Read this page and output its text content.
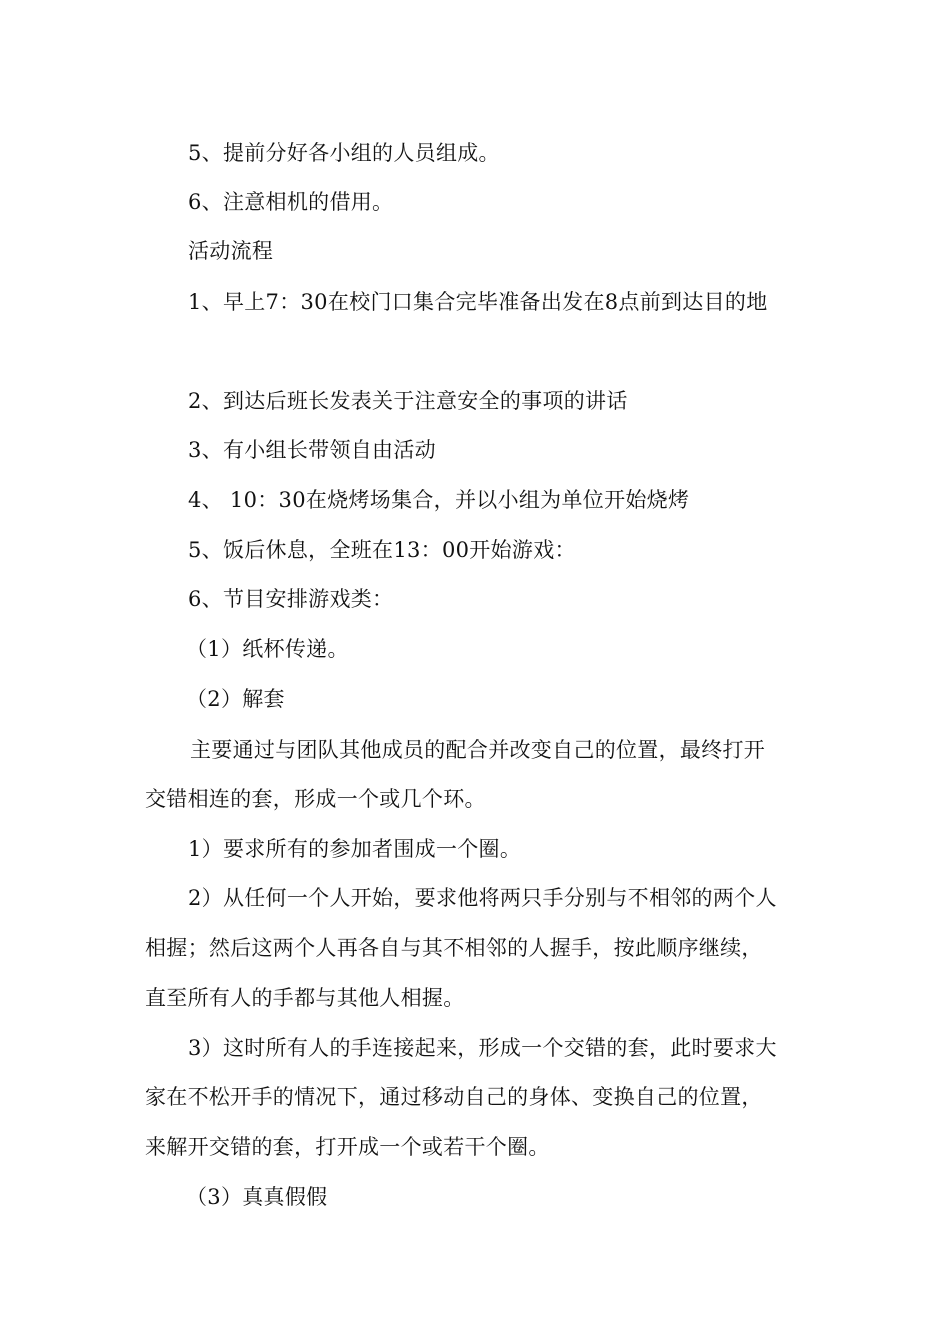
5、提前分好各小组的人员组成。
6、注意相机的借用。
活动流程
1、早上7：30在校门口集合完毕准备出发在8点前到达目的地
2、到达后班长发表关于注意安全的事项的讲话
3、有小组长带领自由活动
4、 10：30在烧烤场集合，并以小组为单位开始烧烤
5、饭后休息，全班在13：00开始游戏：
6、节目安排游戏类：
（1）纸杯传递。
（2）解套
主要通过与团队其他成员的配合并改变自己的位置，最终打开
交错相连的套，形成一个或几个环。
1）要求所有的参加者围成一个圈。
2）从任何一个人开始，要求他将两只手分别与不相邻的两个人
相握；然后这两个人再各自与其不相邻的人握手，按此顺序继续，
直至所有人的手都与其他人相握。
3）这时所有人的手连接起来，形成一个交错的套，此时要求大
家在不松开手的情况下，通过移动自己的身体、变换自己的位置，
来解开交错的套，打开成一个或若干个圈。
（3）真真假假
